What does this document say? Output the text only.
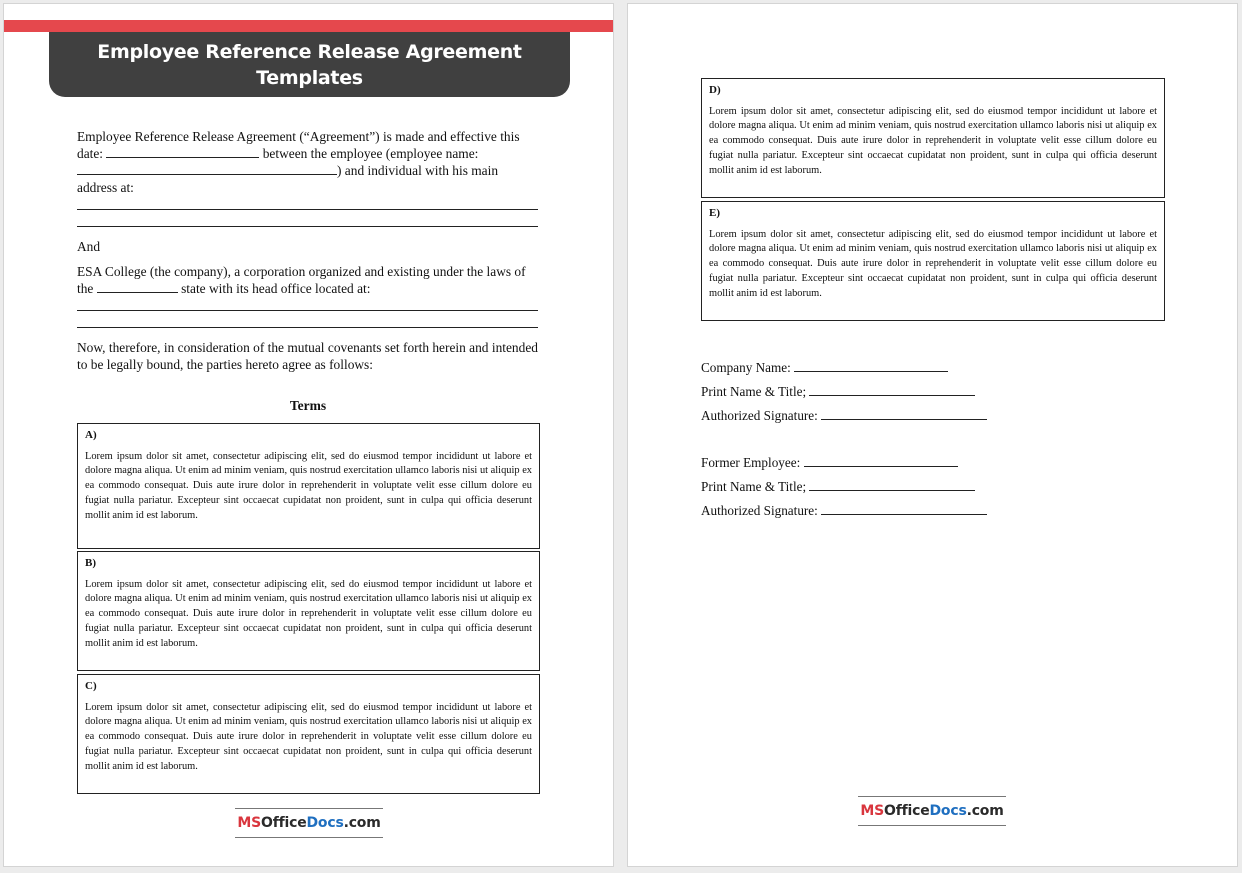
Employee Reference Release Agreement
Templates
Employee Reference Release Agreement (“Agreement”) is made and effective this date:	between the employee (employee name:) and individual with his main address at:
And
ESA College (the company), a corporation organized and existing under the laws of the	state with its head office located at:
Now, therefore, in consideration of the mutual covenants set forth herein and intended to be legally bound, the parties hereto agree as follows:
Terms
A)
Lorem ipsum dolor sit amet, consectetur adipiscing elit, sed do eiusmod tempor incididunt ut labore et dolore magna aliqua. Ut enim ad minim veniam, quis nostrud exercitation ullamco laboris nisi ut aliquip ex ea commodo consequat. Duis aute irure dolor in reprehenderit in voluptate velit esse cillum dolore eu fugiat nulla pariatur. Excepteur sint occaecat cupidatat non proident, sunt in culpa qui officia deserunt mollit anim id est laborum.
B)
Lorem ipsum dolor sit amet, consectetur adipiscing elit, sed do eiusmod tempor incididunt ut labore et dolore magna aliqua. Ut enim ad minim veniam, quis nostrud exercitation ullamco laboris nisi ut aliquip ex ea commodo consequat. Duis aute irure dolor in reprehenderit in voluptate velit esse cillum dolore eu fugiat nulla pariatur. Excepteur sint occaecat cupidatat non proident, sunt in culpa qui officia deserunt mollit anim id est laborum.
C)
Lorem ipsum dolor sit amet, consectetur adipiscing elit, sed do eiusmod tempor incididunt ut labore et dolore magna aliqua. Ut enim ad minim veniam, quis nostrud exercitation ullamco laboris nisi ut aliquip ex ea commodo consequat. Duis aute irure dolor in reprehenderit in voluptate velit esse cillum dolore eu fugiat nulla pariatur. Excepteur sint occaecat cupidatat non proident, sunt in culpa qui officia deserunt mollit anim id est laborum.
MSOfficeDocs.com
D)
Lorem ipsum dolor sit amet, consectetur adipiscing elit, sed do eiusmod tempor incididunt ut labore et dolore magna aliqua. Ut enim ad minim veniam, quis nostrud exercitation ullamco laboris nisi ut aliquip ex ea commodo consequat. Duis aute irure dolor in reprehenderit in voluptate velit esse cillum dolore eu fugiat nulla pariatur. Excepteur sint occaecat cupidatat non proident, sunt in culpa qui officia deserunt mollit anim id est laborum.
E)
Lorem ipsum dolor sit amet, consectetur adipiscing elit, sed do eiusmod tempor incididunt ut labore et dolore magna aliqua. Ut enim ad minim veniam, quis nostrud exercitation ullamco laboris nisi ut aliquip ex ea commodo consequat. Duis aute irure dolor in reprehenderit in voluptate velit esse cillum dolore eu fugiat nulla pariatur. Excepteur sint occaecat cupidatat non proident, sunt in culpa qui officia deserunt mollit anim id est laborum.
Company Name:
Print Name & Title;
Authorized Signature:
Former Employee:
Print Name & Title;
Authorized Signature:
MSOfficeDocs.com
